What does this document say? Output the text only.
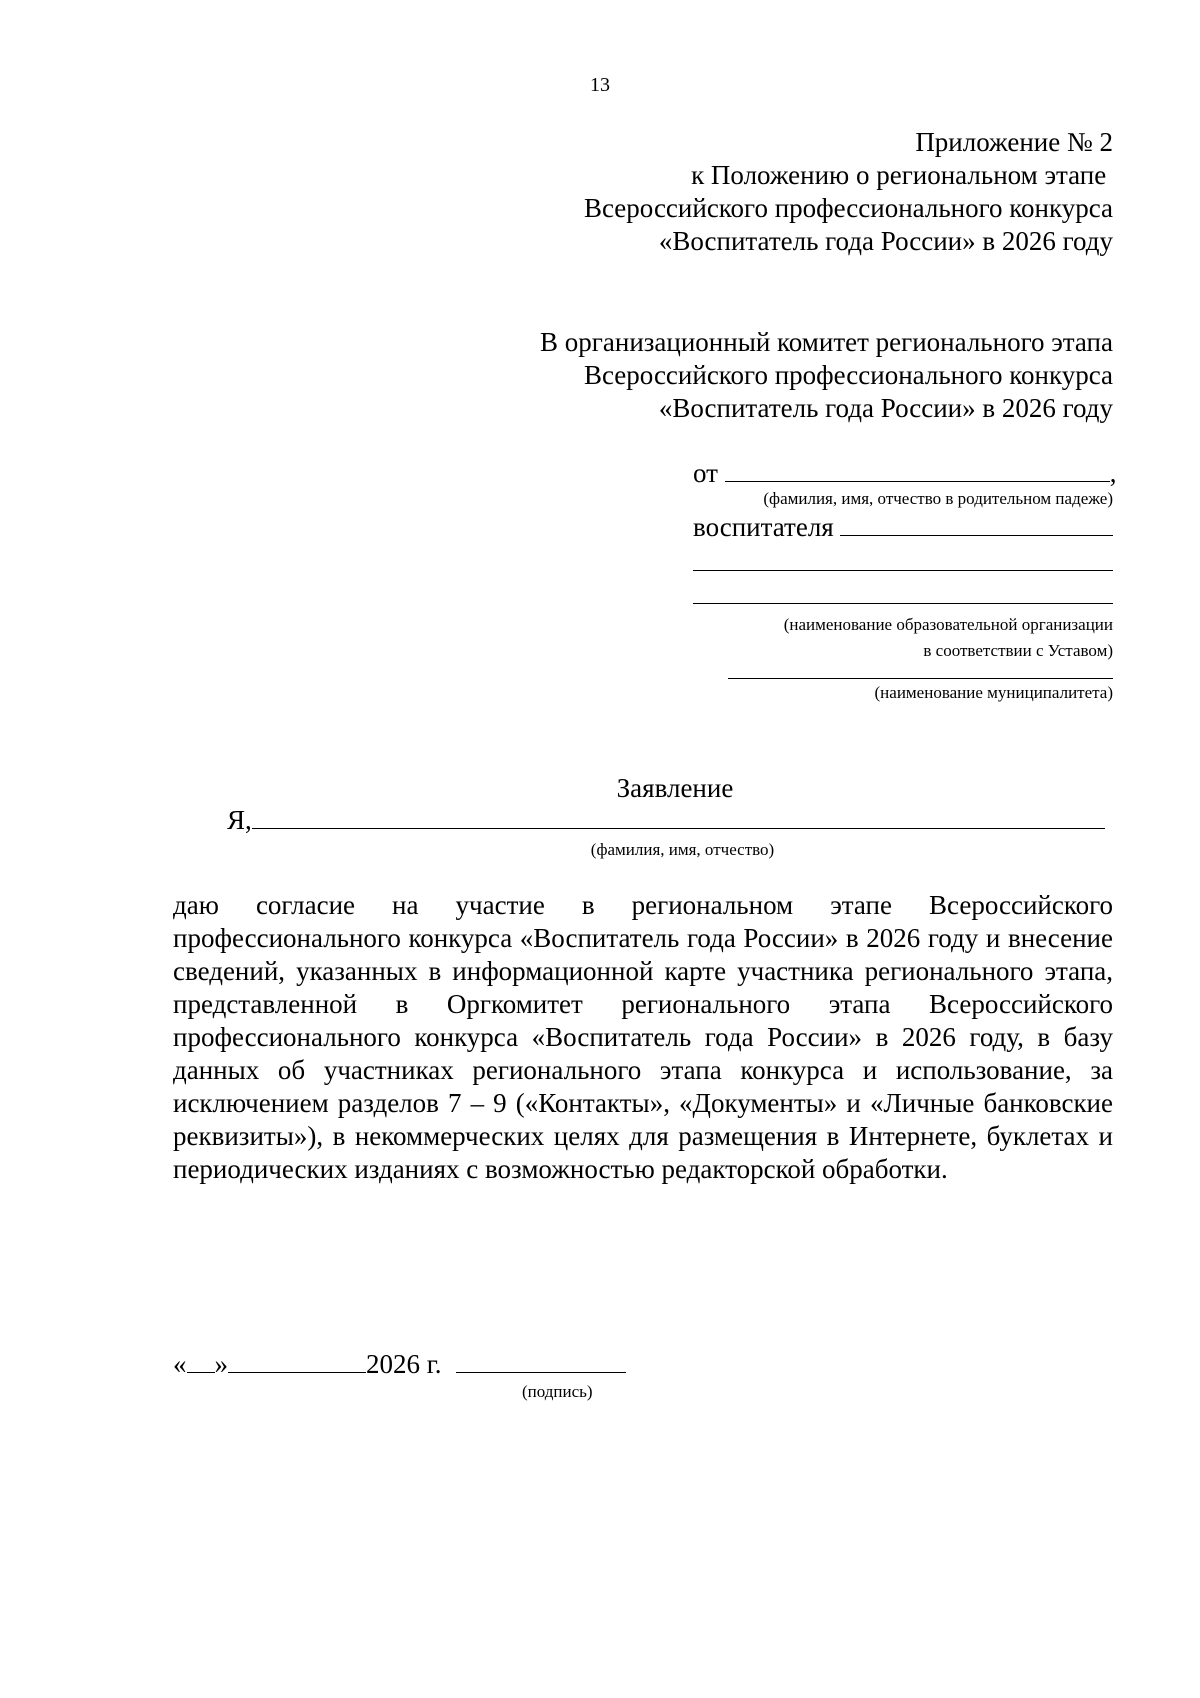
13
Приложение № 2
к Положению о региональном этапе
Всероссийского профессионального конкурса
«Воспитатель года России» в 2026 году
В организационный комитет регионального этапа
Всероссийского профессионального конкурса
«Воспитатель года России» в 2026 году
от	,
(фамилия, имя, отчество в родительном падеже)
воспитателя
(наименование образовательной организации
в соответствии с Уставом)
(наименование муниципалитета)
Заявление
Я,
(фамилия, имя, отчество)
даю согласие на участие в региональном этапе Всероссийского профессионального конкурса «Воспитатель года России» в 2026 году и внесение сведений, указанных в информационной карте участника регионального этапа, представленной в Оргкомитет регионального этапа Всероссийского профессионального конкурса «Воспитатель года России» в 2026 году, в базу данных об участниках регионального этапа конкурса и использование, за исключением разделов 7 – 9 («Контакты», «Документы» и «Личные банковские реквизиты»), в некоммерческих целях для размещения в Интернете, буклетах и периодических изданиях с возможностью редакторской обработки.
« »	2026 г.
(подпись)
